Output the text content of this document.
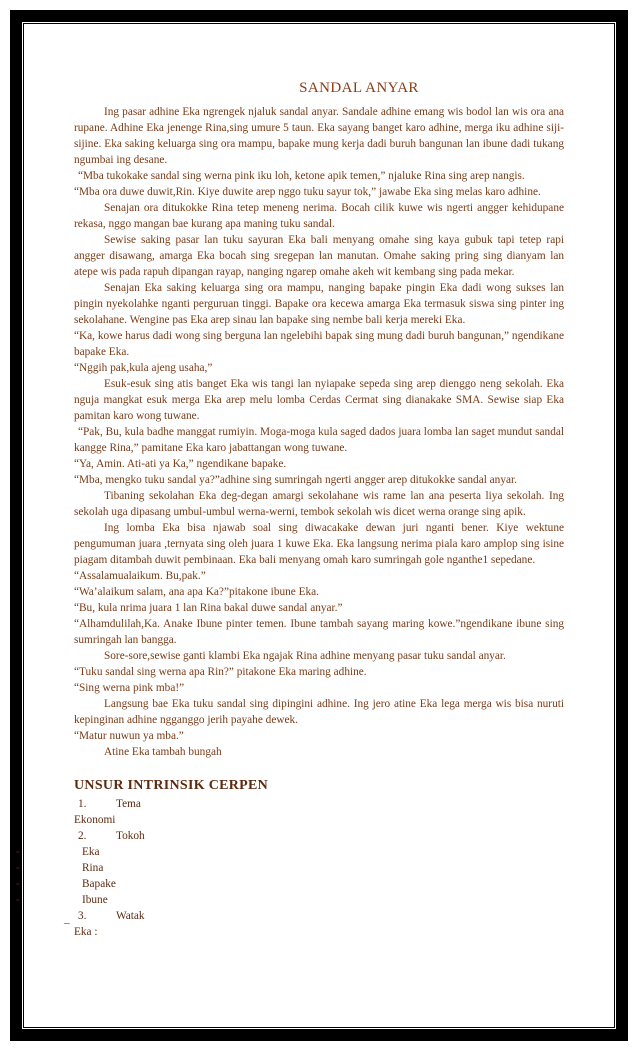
SANDAL ANYAR

Ing pasar adhine Eka ngrengek njaluk sandal anyar. Sandale adhine emang wis bodol lan wis ora ana rupane. Adhine Eka jenenge Rina,sing umure 5 taun. Eka sayang banget karo adhine, merga iku adhine siji-sijine. Eka saking keluarga sing ora mampu, bapake mung kerja dadi buruh bangunan lan ibune dadi tukang ngumbai ing desane.

“Mba tukokake sandal sing werna pink iku loh, ketone apik temen,” njaluke Rina sing arep nangis.

“Mba ora duwe duwit,Rin. Kiye duwite arep nggo tuku sayur tok,” jawabe Eka sing melas karo adhine.

Senajan ora ditukokke Rina tetep meneng nerima. Bocah cilik kuwe wis ngerti angger kehidupane rekasa, nggo mangan bae kurang apa maning tuku sandal.

Sewise saking pasar lan tuku sayuran Eka bali menyang omahe sing kaya gubuk tapi tetep rapi angger disawang, amarga Eka bocah sing sregepan lan manutan. Omahe saking pring sing dianyam lan atepe wis pada rapuh dipangan rayap, nanging ngarep omahe akeh wit kembang sing pada mekar.

Senajan Eka saking keluarga sing ora mampu, nanging bapake pingin Eka dadi wong sukses lan pingin nyekolahke nganti perguruan tinggi. Bapake ora kecewa amarga Eka termasuk siswa sing pinter ing sekolahane. Wengine pas Eka arep sinau lan bapake sing nembe bali kerja mereki Eka.

“Ka, kowe harus dadi wong sing berguna lan ngelebihi bapak sing mung dadi buruh bangunan,” ngendikane bapake Eka.

“Nggih pak,kula ajeng usaha,”

Esuk-esuk sing atis banget Eka wis tangi lan nyiapake sepeda sing arep dienggo neng sekolah. Eka nguja mangkat esuk merga Eka arep melu lomba Cerdas Cermat sing dianakake SMA. Sewise siap Eka pamitan karo wong tuwane.

“Pak, Bu, kula badhe manggat rumiyin. Moga-moga kula saged dados juara lomba lan saget mundut sandal kangge Rina,” pamitane Eka karo jabattangan wong tuwane.

“Ya, Amin. Ati-ati ya Ka,” ngendikane bapake.

“Mba, mengko tuku sandal ya?”adhine sing sumringah ngerti angger arep ditukokke sandal anyar.

Tibaning sekolahan Eka deg-degan amargi sekolahane wis rame lan ana peserta liya sekolah. Ing sekolah uga dipasang umbul-umbul werna-werni, tembok sekolah wis dicet werna orange sing apik.

Ing lomba Eka bisa njawab soal sing diwacakake dewan juri nganti bener. Kiye wektune pengumuman juara ,ternyata sing oleh juara 1 kuwe Eka. Eka langsung nerima piala karo amplop sing isine piagam ditambah duwit pembinaan. Eka bali menyang omah karo sumringah gole nganthe1 sepedane.

“Assalamualaikum. Bu,pak.”

“Wa’alaikum salam, ana apa Ka?”pitakone ibune Eka.

“Bu, kula nrima juara 1 lan Rina bakal duwe sandal anyar.”

“Alhamdulilah,Ka. Anake Ibune pinter temen. Ibune tambah sayang maring kowe.”ngendikane ibune sing sumringah lan bangga.

Sore-sore,sewise ganti klambi Eka ngajak Rina adhine menyang pasar tuku sandal anyar.

“Tuku sandal sing werna apa Rin?” pitakone Eka maring adhine.

“Sing werna pink mba!”

Langsung bae Eka tuku sandal sing dipingini adhine. Ing jero atine Eka lega merga wis bisa nuruti kepinginan adhine ngganggo jerih payahe dewek.

“Matur nuwun ya mba.”

Atine Eka tambah bungah

UNSUR INTRINSIK CERPEN
1.	Tema
Ekonomi
2.	Tokoh
-	Eka
-	Rina
-	Bapake
-	Ibune
3.	Watak
¯ Eka :
